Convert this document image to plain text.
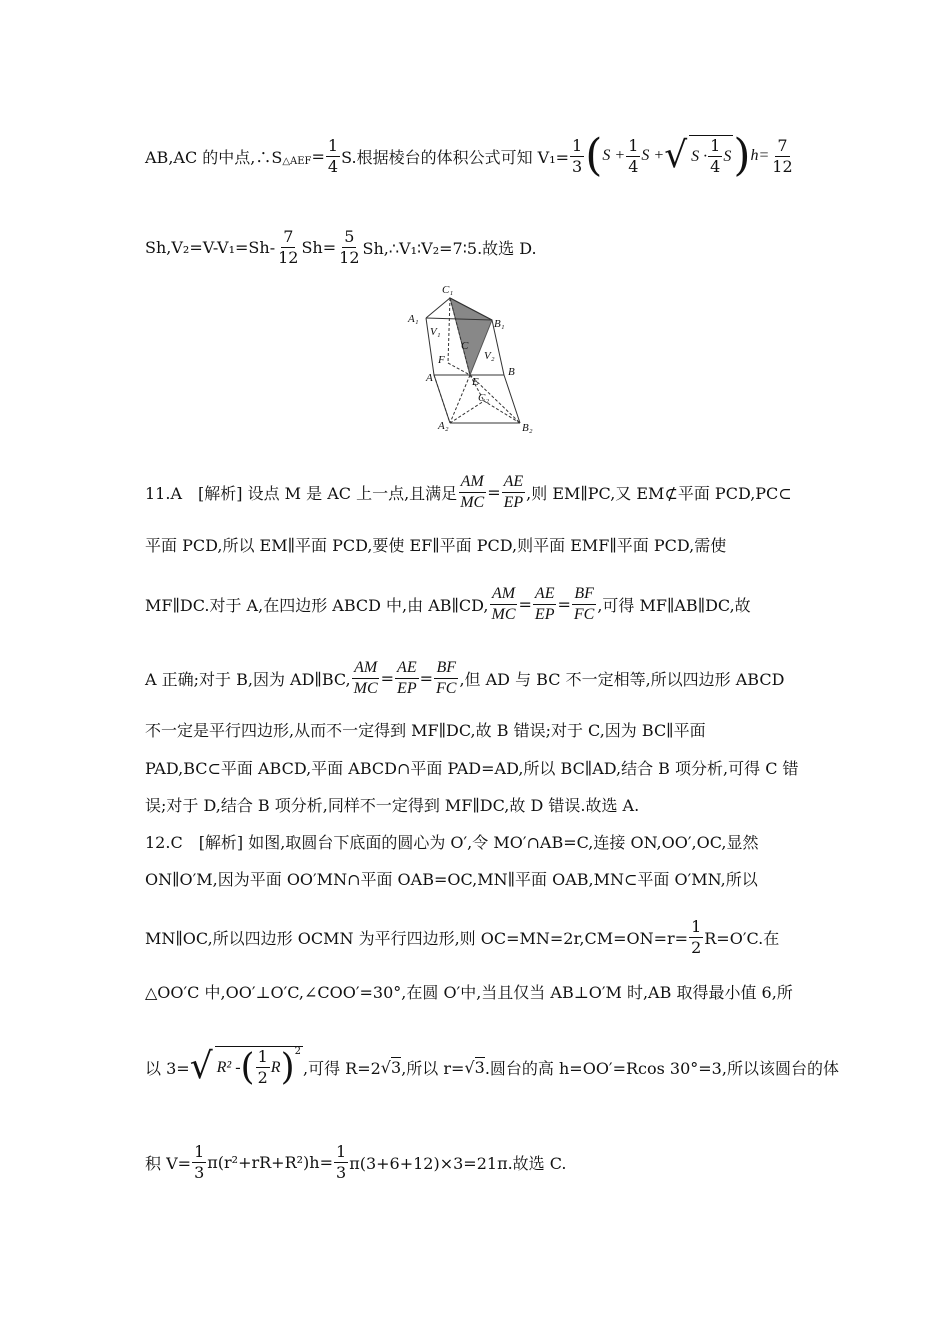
AB,AC 的中点,∴S △AEF = $\frac{1}{4} S$.根据棱台的体积公式可知 $V_1= \frac{1}{3}$ ( $S + \frac{1}{4}$ S + √ $S \cdot \frac{1}{4}$ S ) $h= \frac{7}{12}$
$Sh,V_2=V-V_1=Sh- \frac{7}{12} Sh= \frac{5}{12}$ Sh,∴V₁∶V₂=7∶5.故选 D.
C₁
A₁	B₁
V₁
C
F	V₂
A	E
B
C₂
A₂	B₂
11.A　[解析] 设点 M 是 AC 上一点,且满足 $\frac{AM}{MC} = \frac{AE}{EP}$ ,则 EM∥PC,又 EM⊄平面 PCD,PC⊂
平面 PCD,所以 EM∥平面 PCD,要使 EF∥平面 PCD,则平面 EMF∥平面 PCD,需使
MF∥DC.对于 A,在四边形 ABCD 中,由 AB∥CD, $\frac{AM}{MC} = \frac{AE}{EP} = \frac{BF}{FC}$ ,可得 MF∥AB∥DC,故
A 正确;对于 B,因为 AD∥BC, $\frac{AM}{MC} = \frac{AE}{EP} = \frac{BF}{FC}$ ,但 AD 与 BC 不一定相等,所以四边形 ABCD
不一定是平行四边形,从而不一定得到 MF∥DC,故 B 错误;对于 C,因为 BC∥平面
PAD,BC⊂平面 ABCD,平面 ABCD∩平面 PAD=AD,所以 BC∥AD,结合 B 项分析,可得 C 错
误;对于 D,结合 B 项分析,同样不一定得到 MF∥DC,故 D 错误.故选 A.
12.C　[解析] 如图,取圆台下底面的圆心为 O′,令 MO′∩AB=C,连接 ON,OO′,OC,显然
ON∥O′M,因为平面 OO′MN∩平面 OAB=OC,MN∥平面 OAB,MN⊂平面 O′MN,所以
MN∥OC,所以四边形 OCMN 为平行四边形,则 $OC=MN=2r,CM=ON=r= \frac{1}{2} R=O'C$.在
△OO′C 中,OO′⊥O′C,∠COO′=30°,在圆 O′中,当且仅当 AB⊥O′M 时,AB 取得最小值 6,所
以 3= √ R² - ( $\frac{1}{2}$ R ) 2
,可得 R=2 √ 3 ,所以 r= √ 3 .圆台的高 h=OO′=Rcos 30°=3,所以该圆台的体
积 $V= \frac{1}{3} \pi(r^2+rR+R^2)h= \frac{1}{3} \pi(3+6+12)\times 3=21\pi$.故选 C.
